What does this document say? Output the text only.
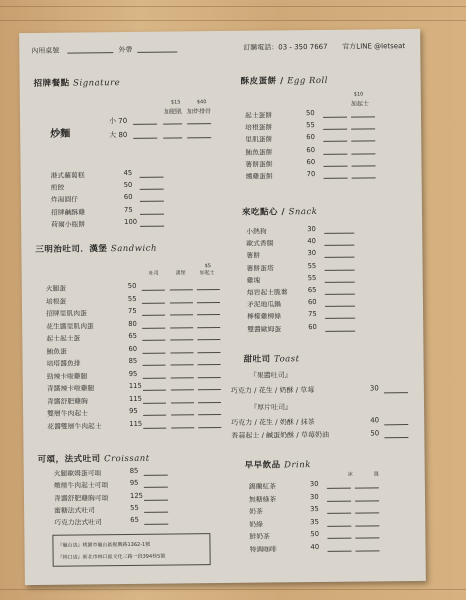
內用桌號	外帶	訂購電話：03 - 350 7667 官方LINE @letseat
招牌餐點 Signature
$15
加肥肌
$40
加炸排骨
炒麵
小 70
大 80
港式蘿蔔糕	45
煎餃	50
炸湯圓仔	60
招牌鹹酥雞	75
荷爾小瓶餅	100
三明治吐司．漢堡 Sandwich
吐司	漢堡
$5
加起士
火腿蛋	50
培根蛋	55
招牌里肌肉蛋	75
花生醬里肌肉蛋	80
起士起士蛋	65
鮪魚蛋	60
培塔醬魚排	85
勁辣卡啦雞腿	95
青醬辣卡啦雞腿	115
青醬舒肥雞胸	115
雙層牛肉起士	95
花醬雙層牛肉起士	115
可頌，法式吐司 Croissant
火腿歐姆蛋可頌	85
燉煙牛肉起士可頌	95
青醬舒肥雞胸可頌	125
蜜糖法式吐司	55
巧克力法式吐司	65
『龜山店』桃園市龜山區振興路1362-1號
『林口店』新北市林口區文化三路一段394巷5號
酥皮蛋餅 / Egg Roll
$10
加起士
起士蛋餅	50
培根蛋餅	55
里肌蛋餅	60
鮪魚蛋餅	60
薯餅蛋餅	60
燻雞蛋餅	70
來吃點心 / Snack
小熱狗	30
歐式香腸	40
薯餅	30
薯餅蛋塔	55
雞塊	55
熔岩起士脆薯	65
矛泥地瓜鍋	60
檸檬雞柳條	75
雙醬歐姆蛋	60
甜吐司 Toast
『果醬吐司』
巧克力 / 花生 / 奶酥 / 草莓	30
『厚片吐司』
巧克力 / 花生 / 奶酥 / 抹茶	40
香蒜起士 / 鹹蛋奶酥 / 草莓奶油	50
早早飲品 Drink
冰	溫
錫蘭紅茶	30
無糖綠茶	30
奶茶	35
奶綠	35
鮮奶茶	50
特調咖啡	40
